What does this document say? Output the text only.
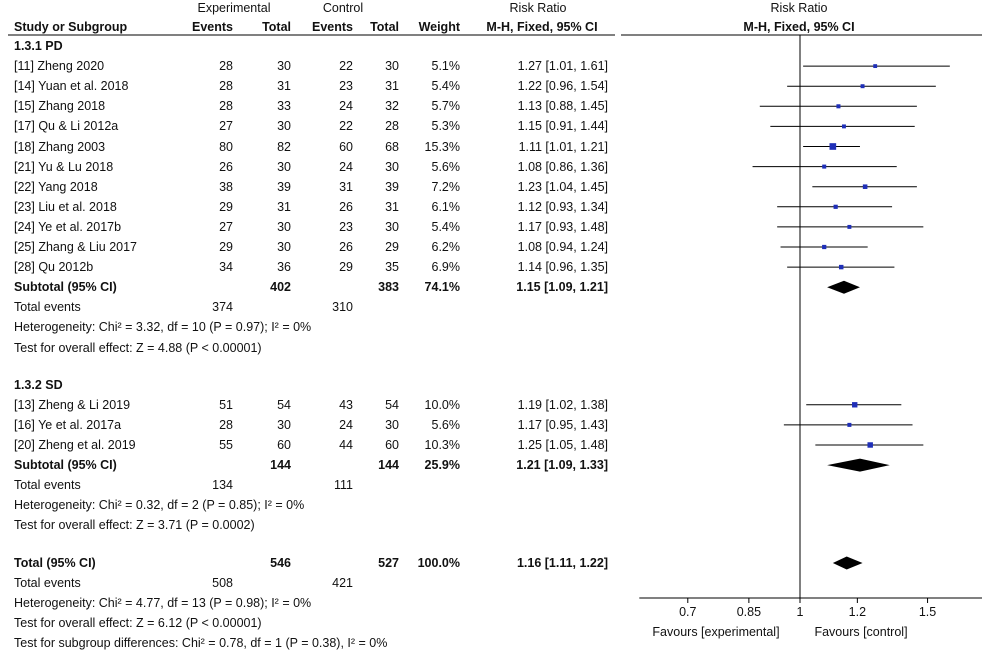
Experimental	Control	Risk Ratio	Risk Ratio
Study or Subgroup	Events Total Events Total Weight	M-H, Fixed, 95% CI	M-H, Fixed, 95% CI
1.3.1 PD
[11] Zheng 2020	28	30	22	30	5.1%	1.27 [1.01, 1.61]
[14] Yuan et al. 2018	28	31	23	31	5.4%	1.22 [0.96, 1.54]
[15] Zhang 2018	28	33	24	32	5.7%	1.13 [0.88, 1.45]
[17] Qu & Li 2012a	27	30	22	28	5.3%	1.15 [0.91, 1.44]
[18] Zhang 2003	80	82	60	68 15.3%	1.11 [1.01, 1.21]
[21] Yu & Lu 2018	26	30	24	30	5.6%	1.08 [0.86, 1.36]
[22] Yang 2018	38	39	31	39	7.2%	1.23 [1.04, 1.45]
[23] Liu et al. 2018	29	31	26	31	6.1%	1.12 [0.93, 1.34]
[24] Ye et al. 2017b	27	30	23	30	5.4%	1.17 [0.93, 1.48]
[25] Zhang & Liu 2017	29	30	26	29	6.2%	1.08 [0.94, 1.24]
[28] Qu 2012b	34	36	29	35	6.9%	1.14 [0.96, 1.35]
Subtotal (95% CI)	402	383 74.1%	1.15 [1.09, 1.21]
Total events	374	310
Heterogeneity: Chi² = 3.32, df = 10 (P = 0.97); I² = 0%
Test for overall effect: Z = 4.88 (P < 0.00001)
1.3.2 SD
[13] Zheng & Li 2019	51	54	43	54 10.0%	1.19 [1.02, 1.38]
[16] Ye et al. 2017a	28	30	24	30	5.6%	1.17 [0.95, 1.43]
[20] Zheng et al. 2019	55	60	44	60 10.3%	1.25 [1.05, 1.48]
Subtotal (95% CI)	144	144 25.9%	1.21 [1.09, 1.33]
Total events	134	111
Heterogeneity: Chi² = 0.32, df = 2 (P = 0.85); I² = 0%
Test for overall effect: Z = 3.71 (P = 0.0002)
Total (95% CI)	546	527 100.0%	1.16 [1.11, 1.22]
Total events	508	421
Heterogeneity: Chi² = 4.77, df = 13 (P = 0.98); I² = 0%
Test for overall effect: Z = 6.12 (P < 0.00001)
Test for subgroup differences: Chi² = 0.78, df = 1 (P = 0.38), I² = 0%
0.7	0.85	1	1.2	1.5
Favours [experimental]	Favours [control]
